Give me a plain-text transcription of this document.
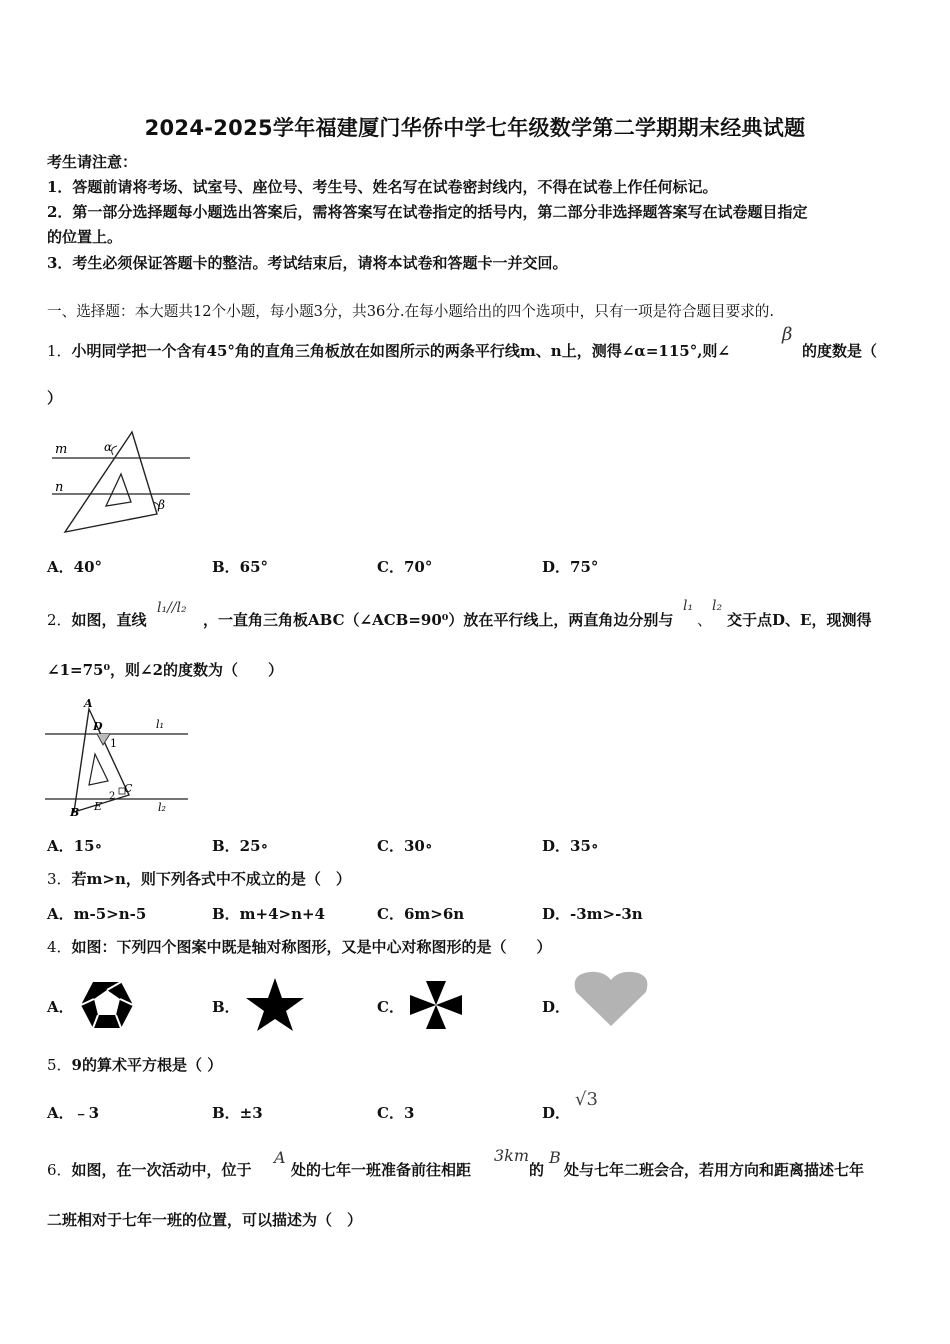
2024-2025学年福建厦门华侨中学七年级数学第二学期期末经典试题
考生请注意：
1．答题前请将考场、试室号、座位号、考生号、姓名写在试卷密封线内，不得在试卷上作任何标记。
2．第一部分选择题每小题选出答案后，需将答案写在试卷指定的括号内，第二部分非选择题答案写在试卷题目指定
的位置上。
3．考生必须保证答题卡的整洁。考试结束后，请将本试卷和答题卡一并交回。
一、选择题：本大题共12个小题，每小题3分，共36分.在每小题给出的四个选项中，只有一项是符合题目要求的.
1．小明同学把一个含有45°角的直角三角板放在如图所示的两条平行线m、n上，测得∠α=115°,则∠
β
的度数是（
）
m
n
α
β
A．40°	B．65°	C．70°	D．75°
2．如图，直线
l₁//l₂
，一直角三角板ABC（∠ACB=90⁰）放在平行线上，两直角边分别与
l₁
、
l₂
交于点D、E，现测得
∠1=75⁰，则∠2的度数为（　　）
A
D
1
C
2
B E
l₁
l₂
A．15∘	B．25∘	C．30∘	D．35∘
3．若m>n，则下列各式中不成立的是（　）
A．m-5>n-5	B．m+4>n+4	C．6m>6n	D．-3m>-3n
4．如图：下列四个图案中既是轴对称图形，又是中心对称图形的是（　　）
A．	B．	C．	D．
5．9的算术平方根是（ ）
A．﹣3	B．±3	C．3	D．
√3
6．如图，在一次活动中，位于
A
处的七年一班准备前往相距
3km
的
B
处与七年二班会合，若用方向和距离描述七年
二班相对于七年一班的位置，可以描述为（　）
